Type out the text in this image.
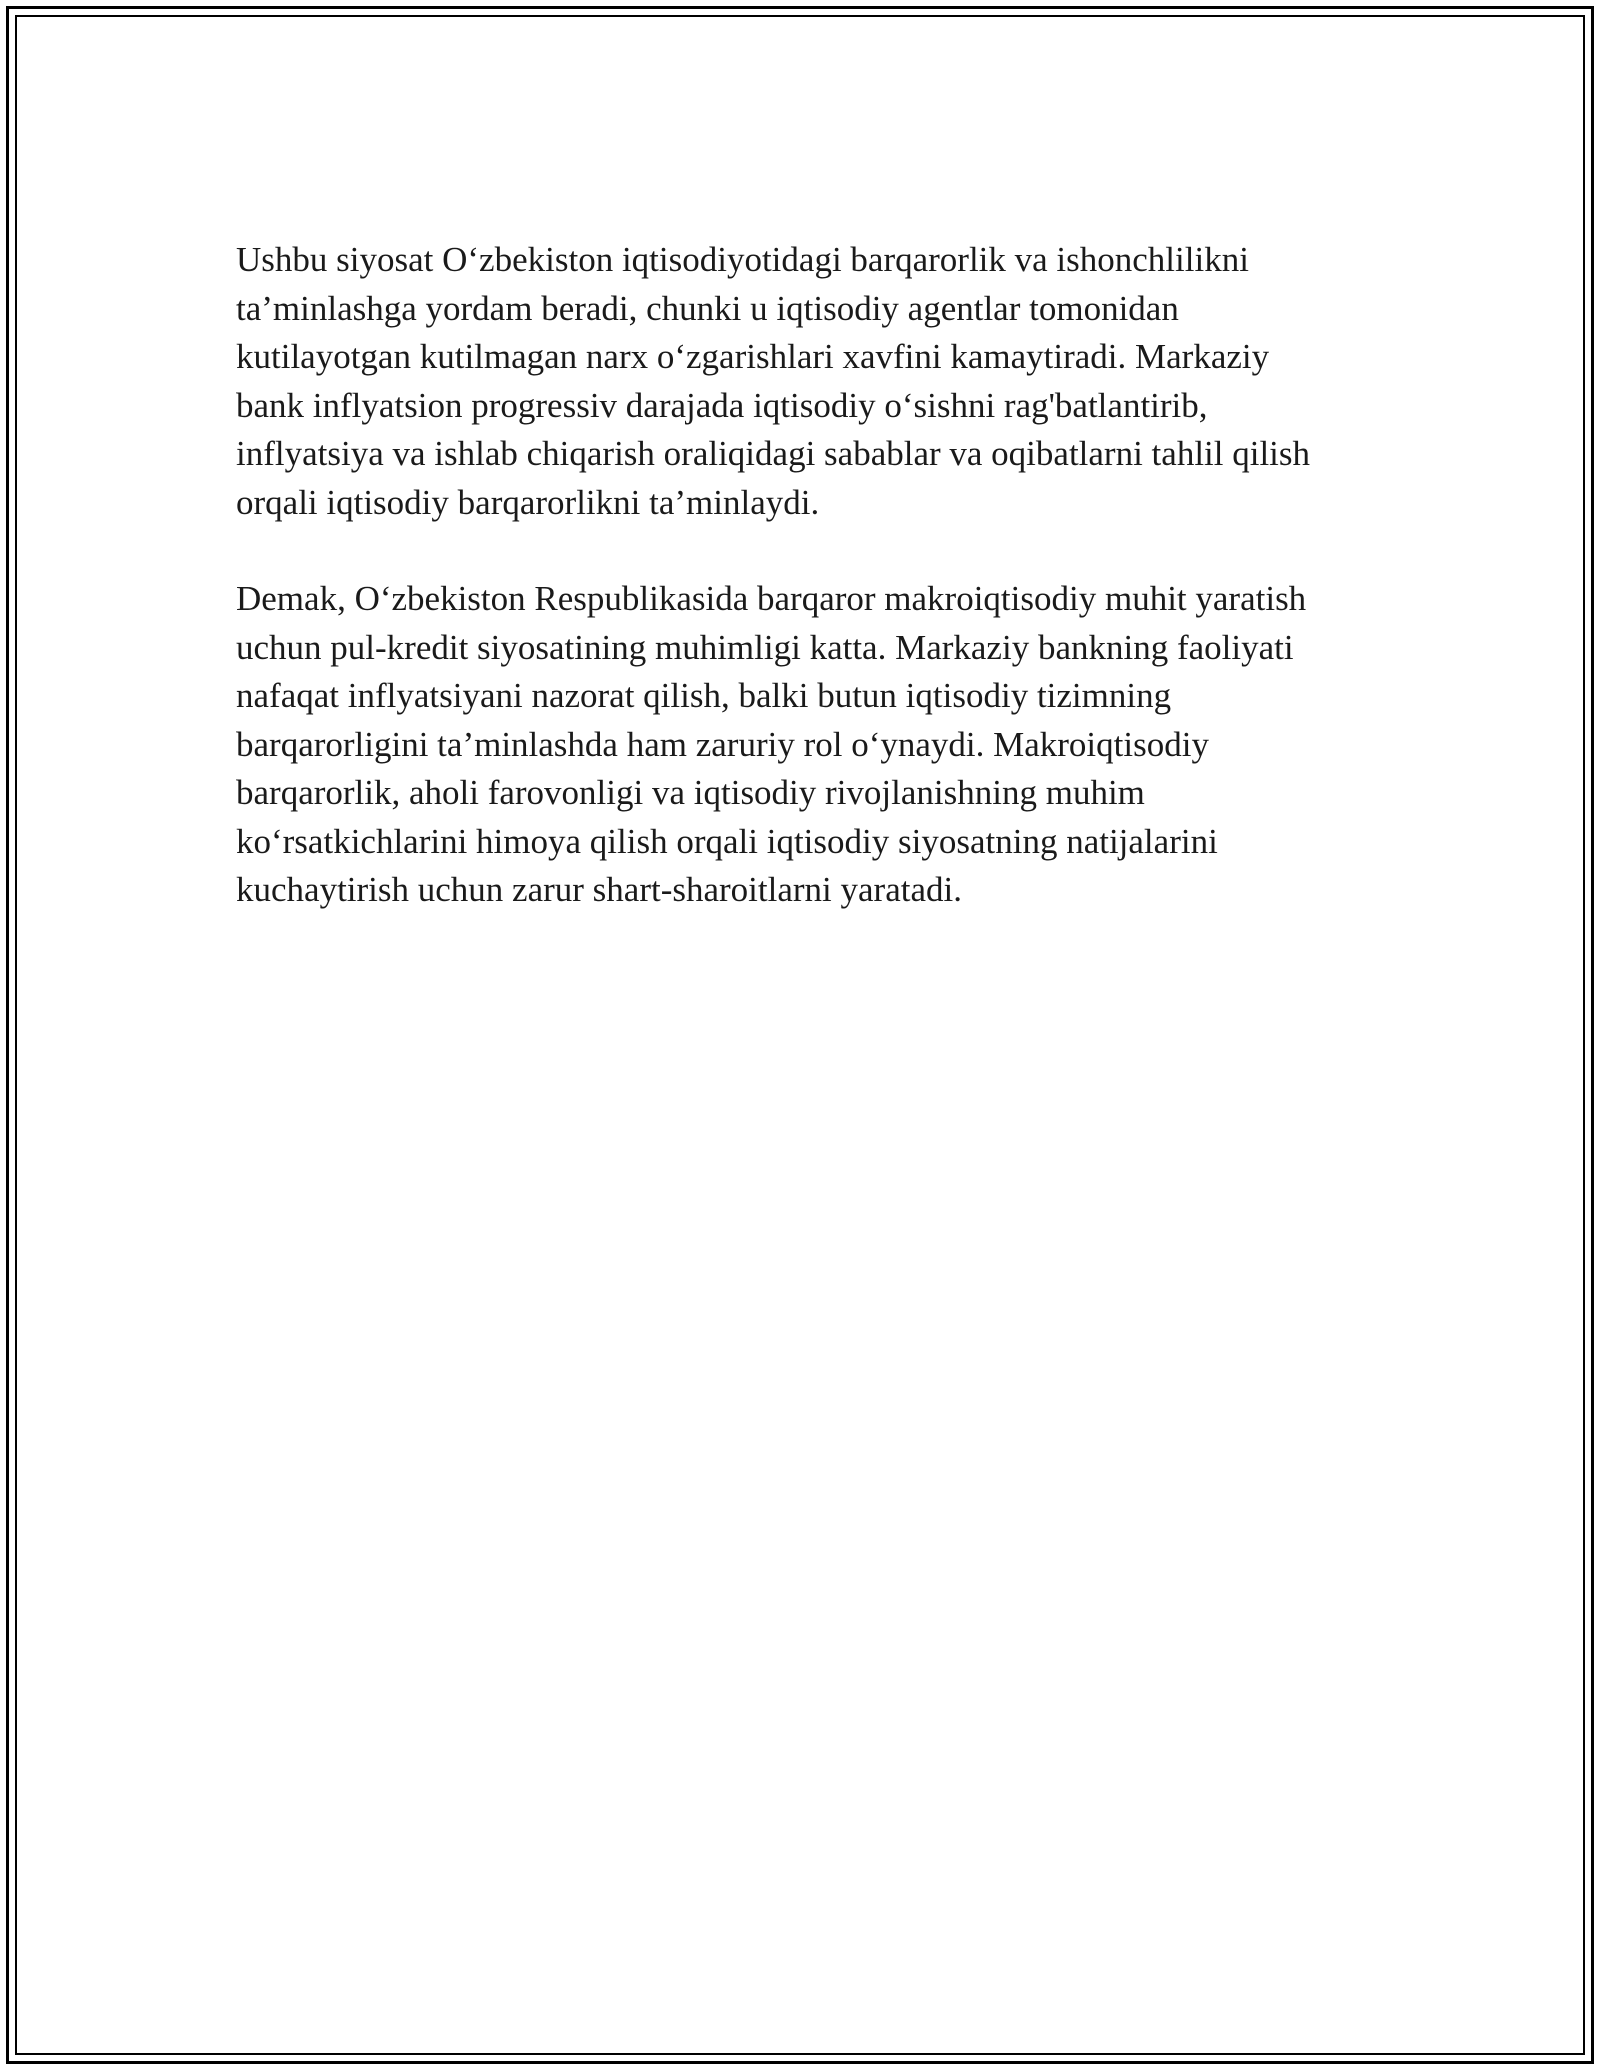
Ushbu siyosat O‘zbekiston iqtisodiyotidagi barqarorlik va ishonchlilikni
ta’minlashga yordam beradi, chunki u iqtisodiy agentlar tomonidan
kutilayotgan kutilmagan narx o‘zgarishlari xavfini kamaytiradi. Markaziy
bank inflyatsion progressiv darajada iqtisodiy o‘sishni rag'batlantirib,
inflyatsiya va ishlab chiqarish oraliqidagi sabablar va oqibatlarni tahlil qilish
orqali iqtisodiy barqarorlikni ta’minlaydi.

Demak, O‘zbekiston Respublikasida barqaror makroiqtisodiy muhit yaratish
uchun pul-kredit siyosatining muhimligi katta. Markaziy bankning faoliyati
nafaqat inflyatsiyani nazorat qilish, balki butun iqtisodiy tizimning
barqarorligini ta’minlashda ham zaruriy rol o‘ynaydi. Makroiqtisodiy
barqarorlik, aholi farovonligi va iqtisodiy rivojlanishning muhim
ko‘rsatkichlarini himoya qilish orqali iqtisodiy siyosatning natijalarini
kuchaytirish uchun zarur shart-sharoitlarni yaratadi.
